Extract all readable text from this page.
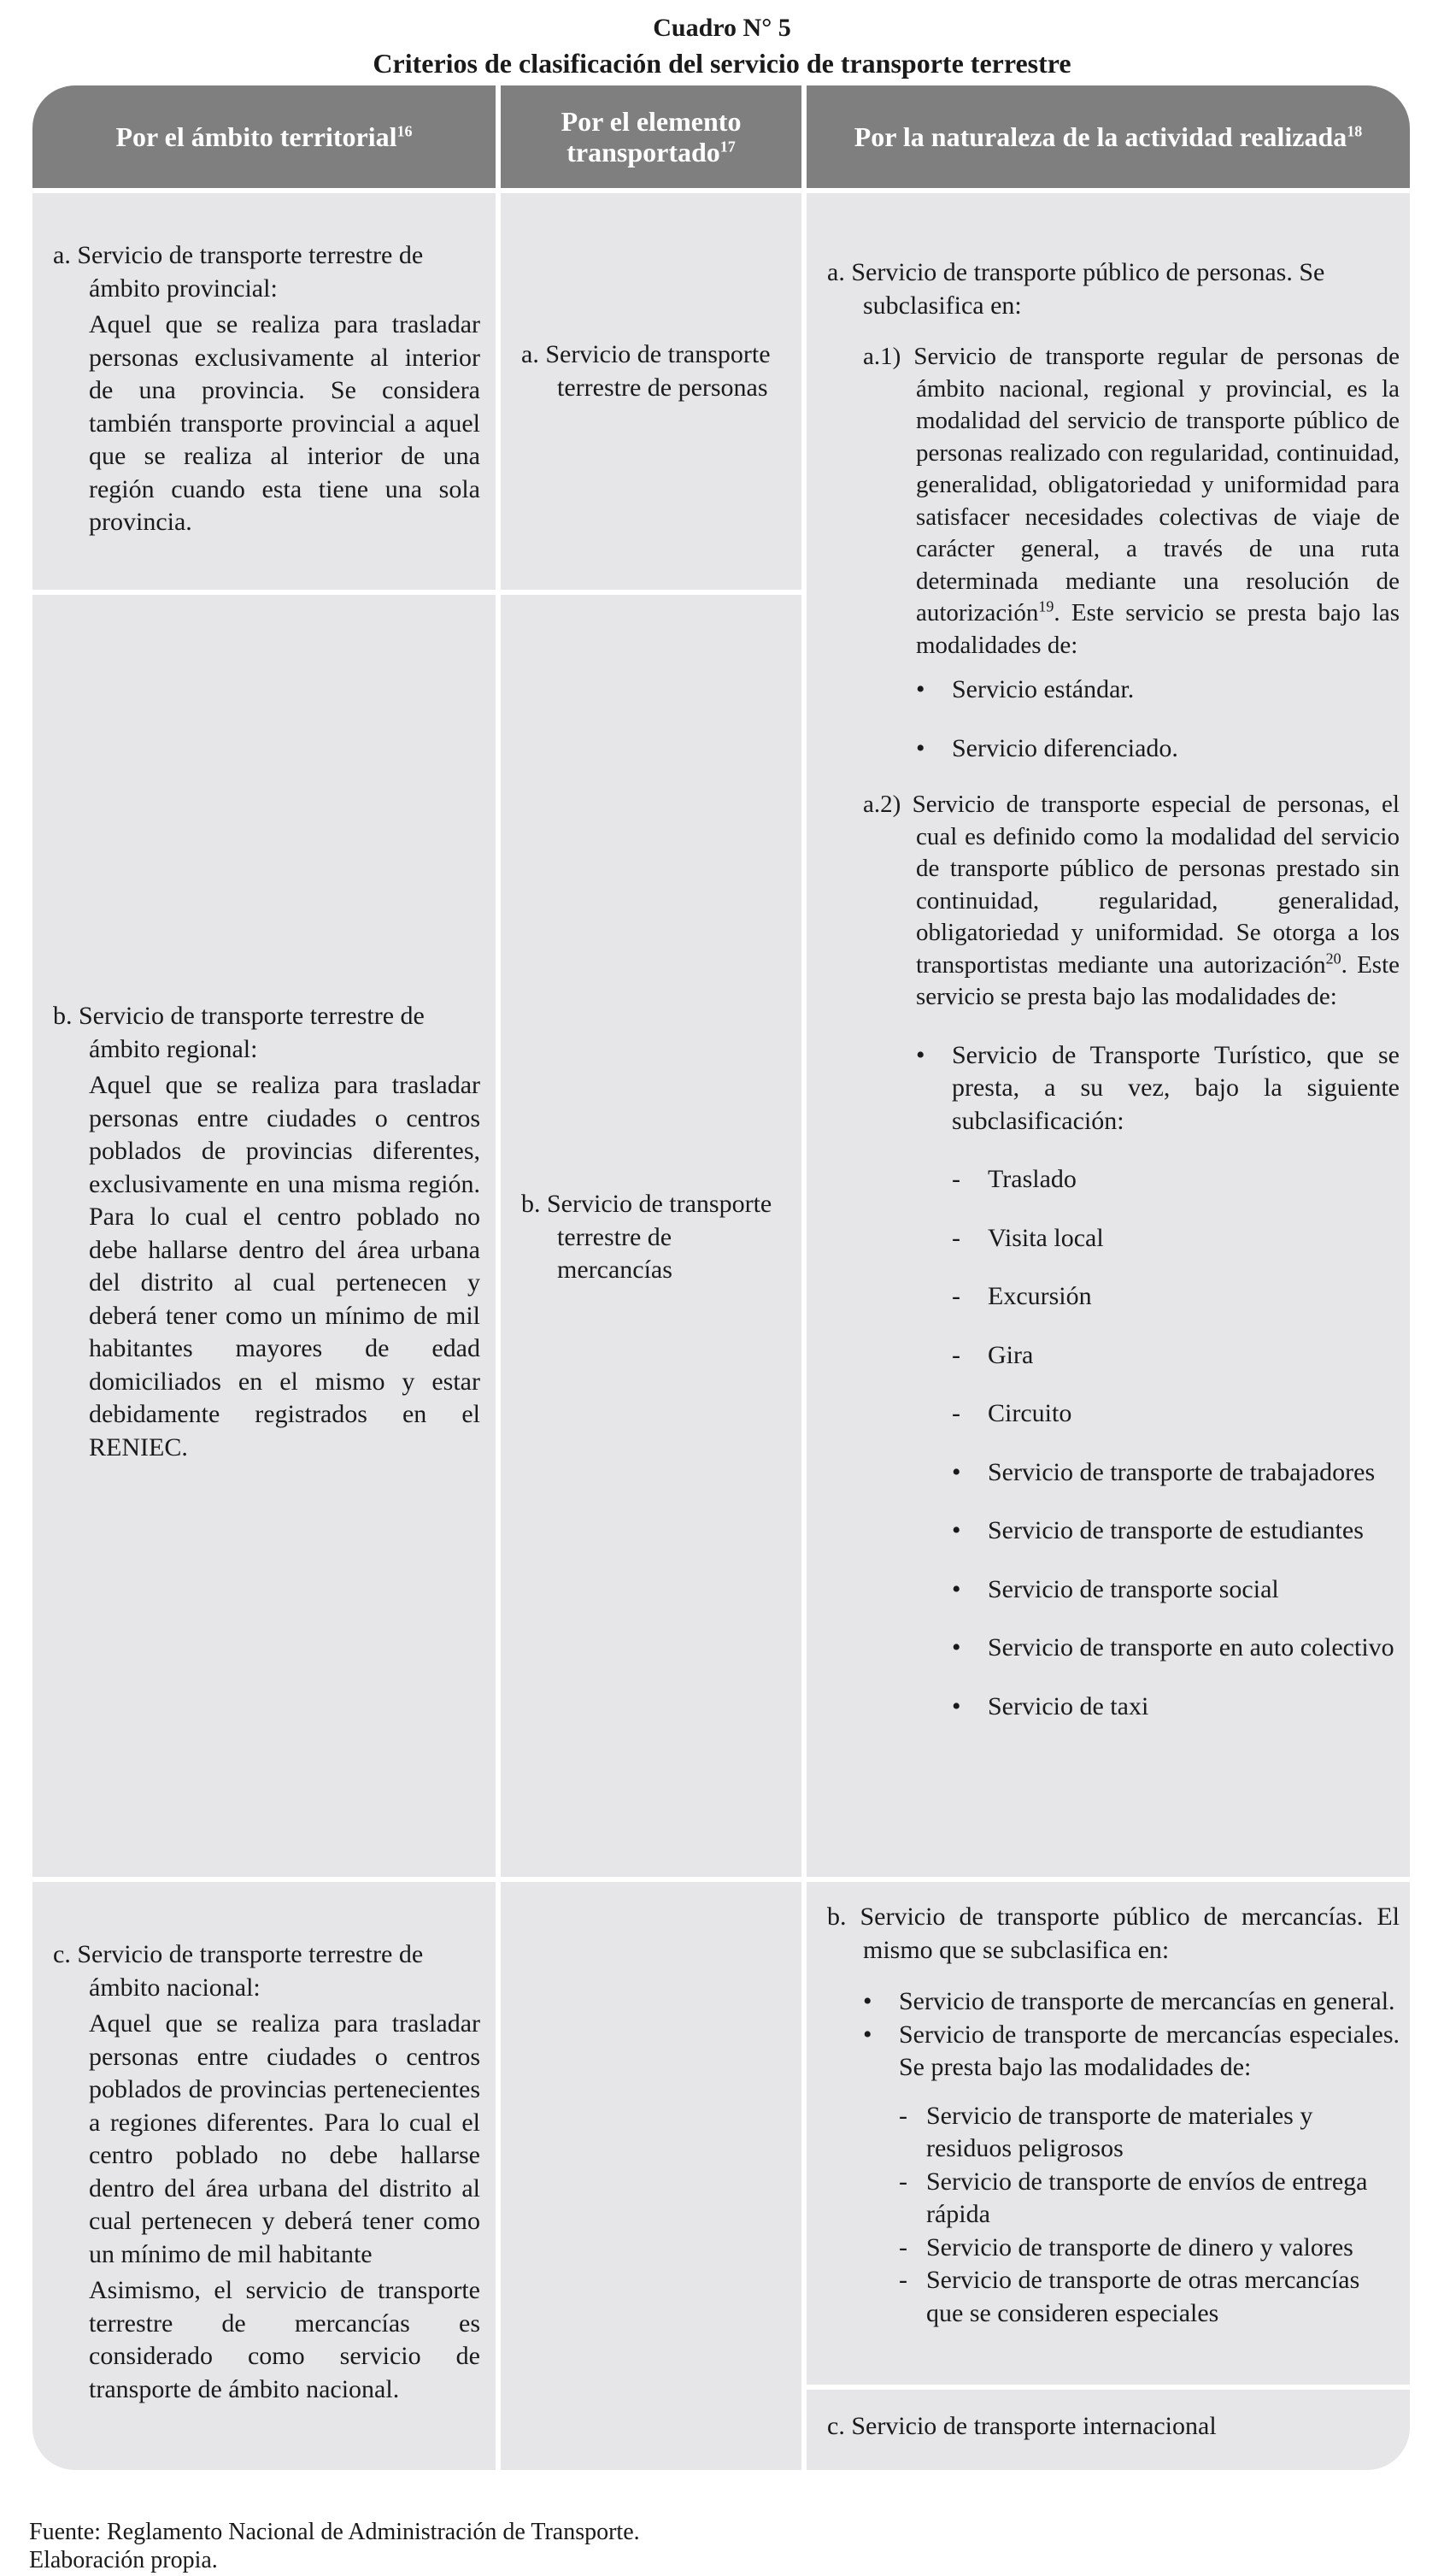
Cuadro N° 5
Criterios de clasificación del servicio de transporte terrestre
Por el ámbito territorial$^{16}$	Por el elemento transportado$^{17}$	Por la naturaleza de la actividad realizada$^{18}$

a. Servicio de transporte terrestre de ámbito provincial:

Aquel que se realiza para trasladar personas exclusivamente al interior de una provincia. Se considera también transporte provincial a aquel que se realiza al interior de una región cuando esta tiene una sola provincia.

b. Servicio de transporte terrestre de ámbito regional:

Aquel que se realiza para trasladar personas entre ciudades o centros poblados de provincias diferentes, exclusivamente en una misma región. Para lo cual el centro poblado no debe hallarse dentro del área urbana del distrito al cual pertenecen y deberá tener como un mínimo de mil habitantes mayores de edad domiciliados en el mismo y estar debidamente registrados en el RENIEC.

c. Servicio de transporte terrestre de ámbito nacional:

Aquel que se realiza para trasladar personas entre ciudades o centros poblados de provincias pertenecientes a regiones diferentes. Para lo cual el centro poblado no debe hallarse dentro del área urbana del distrito al cual pertenecen y deberá tener como un mínimo de mil habitante

Asimismo, el servicio de transporte terrestre de mercancías es considerado como servicio de transporte de ámbito nacional.

a. Servicio de transporte terrestre de personas
b. Servicio de transporte terrestre de mercancías

a. Servicio de transporte público de personas. Se subclasifica en:

a.1) Servicio de transporte regular de personas de ámbito nacional, regional y provincial, es la modalidad del servicio de transporte público de personas realizado con regularidad, continuidad, generalidad, obligatoriedad y uniformidad para satisfacer necesidades colectivas de viaje de carácter general, a través de una ruta determinada mediante una resolución de autorización$^{19}$. Este servicio se presta bajo las modalidades de:

• Servicio estándar.
• Servicio diferenciado.

a.2) Servicio de transporte especial de personas, el cual es definido como la modalidad del servicio de transporte público de personas prestado sin continuidad, regularidad, generalidad, obligatoriedad y uniformidad. Se otorga a los transportistas mediante una autorización$^{20}$. Este servicio se presta bajo las modalidades de:

• Servicio de Transporte Turístico, que se presta, a su vez, bajo la siguiente subclasificación:
- Traslado
- Visita local
- Excursión
- Gira
- Circuito
• Servicio de transporte de trabajadores
• Servicio de transporte de estudiantes
• Servicio de transporte social
• Servicio de transporte en auto colectivo
• Servicio de taxi

b. Servicio de transporte público de mercancías. El mismo que se subclasifica en:

• Servicio de transporte de mercancías en general.
• Servicio de transporte de mercancías especiales. Se presta bajo las modalidades de:
- Servicio de transporte de materiales y residuos peligrosos
- Servicio de transporte de envíos de entrega rápida
- Servicio de transporte de dinero y valores
- Servicio de transporte de otras mercancías que se consideren especiales
c. Servicio de transporte internacional
Fuente: Reglamento Nacional de Administración de Transporte.
Elaboración propia.
